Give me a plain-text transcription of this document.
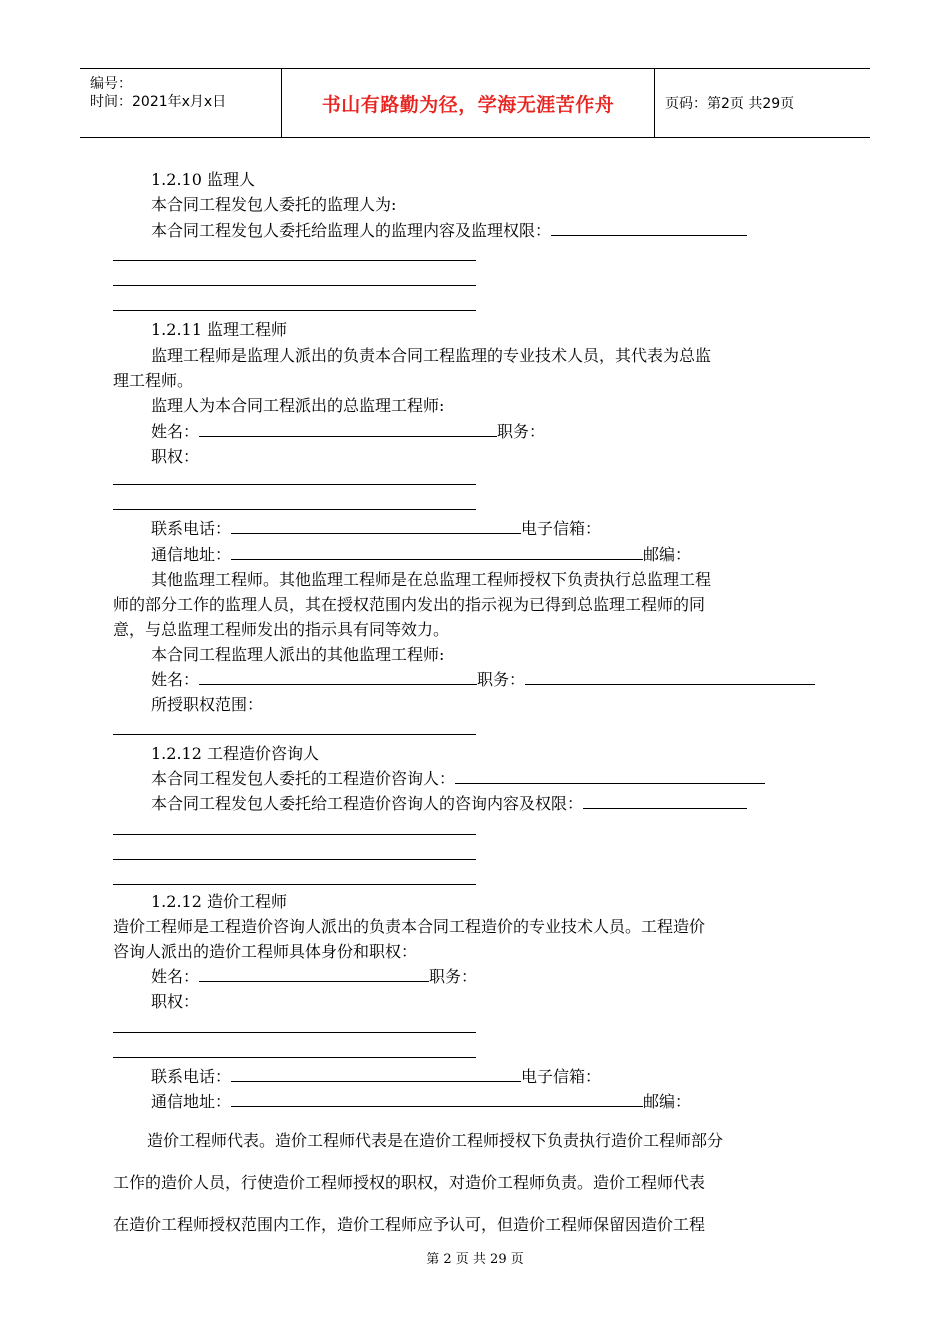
编号：
时间：2021年x月x日	书山有路勤为径，学海无涯苦作舟	页码：第2页 共29页
1.2.10 监理人
本合同工程发包人委托的监理人为:
本合同工程发包人委托给监理人的监理内容及监理权限：
1.2.11 监理工程师
监理工程师是监理人派出的负责本合同工程监理的专业技术人员，其代表为总监
理工程师。
监理人为本合同工程派出的总监理工程师:
姓名：	职务：
职权：
联系电话：	电子信箱：
通信地址：	邮编：
其他监理工程师。其他监理工程师是在总监理工程师授权下负责执行总监理工程
师的部分工作的监理人员，其在授权范围内发出的指示视为已得到总监理工程师的同
意，与总监理工程师发出的指示具有同等效力。
本合同工程监理人派出的其他监理工程师:
姓名：	职务：
所授职权范围：
1.2.12 工程造价咨询人
本合同工程发包人委托的工程造价咨询人：
本合同工程发包人委托给工程造价咨询人的咨询内容及权限：
1.2.12 造价工程师
造价工程师是工程造价咨询人派出的负责本合同工程造价的专业技术人员。工程造价
咨询人派出的造价工程师具体身份和职权：
姓名：	职务：
职权：
联系电话：	电子信箱：
通信地址：	邮编：
造价工程师代表。造价工程师代表是在造价工程师授权下负责执行造价工程师部分
工作的造价人员，行使造价工程师授权的职权，对造价工程师负责。造价工程师代表
在造价工程师授权范围内工作，造价工程师应予认可，但造价工程师保留因造价工程
第 2 页 共 29 页
